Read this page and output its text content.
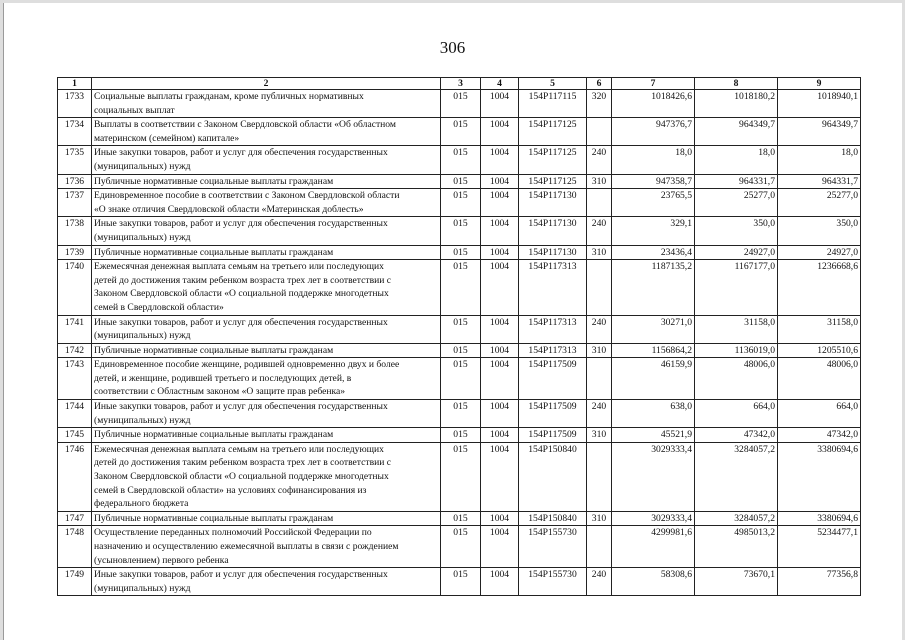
306
1	2	3	4	5	6	7	8	9
1733	Социальные выплаты гражданам, кроме публичных нормативных
социальных выплат	015	1004	154Р117115	320	1018426,6	1018180,2	1018940,1
1734	Выплаты в соответствии с Законом Свердловской области «Об областном
материнском (семейном) капитале»	015	1004	154Р117125		947376,7	964349,7	964349,7
1735	Иные закупки товаров, работ и услуг для обеспечения государственных
(муниципальных) нужд	015	1004	154Р117125	240	18,0	18,0	18,0
1736	Публичные нормативные социальные выплаты гражданам	015	1004	154Р117125	310	947358,7	964331,7	964331,7
1737	Единовременное пособие в соответствии с Законом Свердловской области
«О знаке отличия Свердловской области «Материнская доблесть»	015	1004	154Р117130		23765,5	25277,0	25277,0
1738	Иные закупки товаров, работ и услуг для обеспечения государственных
(муниципальных) нужд	015	1004	154Р117130	240	329,1	350,0	350,0
1739	Публичные нормативные социальные выплаты гражданам	015	1004	154Р117130	310	23436,4	24927,0	24927,0
1740	Ежемесячная денежная выплата семьям на третьего или последующих
детей до достижения таким ребенком возраста трех лет в соответствии с
Законом Свердловской области «О социальной поддержке многодетных
семей в Свердловской области»	015	1004	154Р117313		1187135,2	1167177,0	1236668,6
1741	Иные закупки товаров, работ и услуг для обеспечения государственных
(муниципальных) нужд	015	1004	154Р117313	240	30271,0	31158,0	31158,0
1742	Публичные нормативные социальные выплаты гражданам	015	1004	154Р117313	310	1156864,2	1136019,0	1205510,6
1743	Единовременное пособие женщине, родившей одновременно двух и более
детей, и женщине, родившей третьего и последующих детей, в
соответствии с Областным законом «О защите прав ребенка»	015	1004	154Р117509		46159,9	48006,0	48006,0
1744	Иные закупки товаров, работ и услуг для обеспечения государственных
(муниципальных) нужд	015	1004	154Р117509	240	638,0	664,0	664,0
1745	Публичные нормативные социальные выплаты гражданам	015	1004	154Р117509	310	45521,9	47342,0	47342,0
1746	Ежемесячная денежная выплата семьям на третьего или последующих
детей до достижения таким ребенком возраста трех лет в соответствии с
Законом Свердловской области «О социальной поддержке многодетных
семей в Свердловской области» на условиях софинансирования из
федерального бюджета	015	1004	154Р150840		3029333,4	3284057,2	3380694,6
1747	Публичные нормативные социальные выплаты гражданам	015	1004	154Р150840	310	3029333,4	3284057,2	3380694,6
1748	Осуществление переданных полномочий Российской Федерации по
назначению и осуществлению ежемесячной выплаты в связи с рождением
(усыновлением) первого ребенка	015	1004	154Р155730		4299981,6	4985013,2	5234477,1
1749	Иные закупки товаров, работ и услуг для обеспечения государственных
(муниципальных) нужд	015	1004	154Р155730	240	58308,6	73670,1	77356,8
